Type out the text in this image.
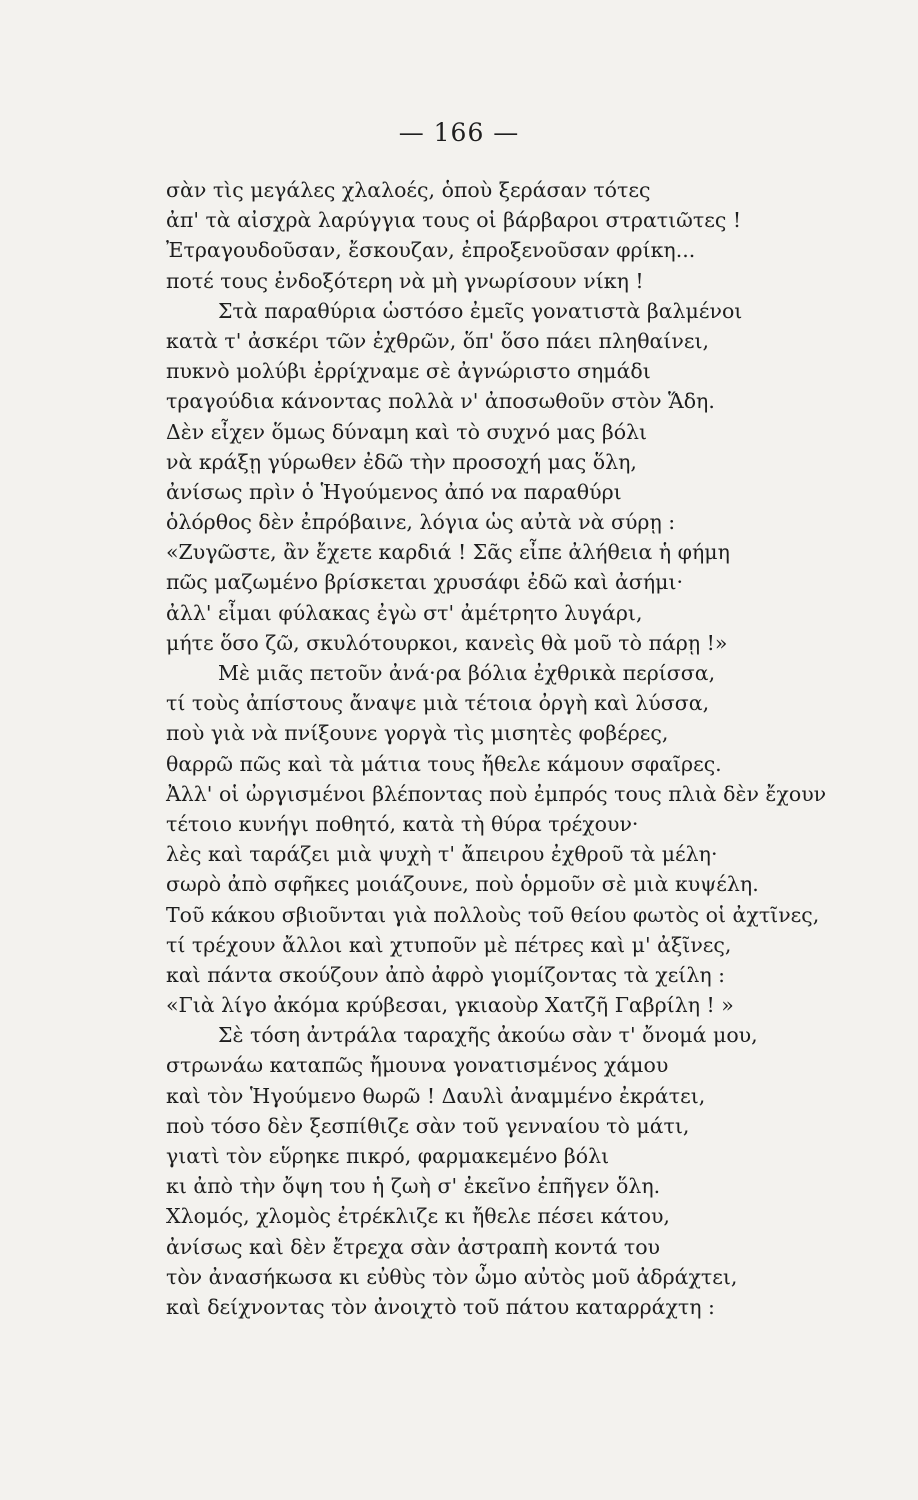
— 166 —
σὰν τὶς μεγάλες χλαλοές, ὁποὺ ξεράσαν τότες
ἀπ' τὰ αἰσχρὰ λαρύγγια τους οἱ βάρβαροι στρατιῶτες !
Ἐτραγουδοῦσαν, ἔσκουζαν, ἐπροξενοῦσαν φρίκη...
ποτέ τους ἐνδοξότερη νὰ μὴ γνωρίσουν νίκη !
Στὰ παραθύρια ὡστόσο ἐμεῖς γονατιστὰ βαλμένοι
κατὰ τ' ἀσκέρι τῶν ἐχθρῶν, ὅπ' ὅσο πάει πληθαίνει,
πυκνὸ μολύβι ἐρρίχναμε σὲ ἀγνώριστο σημάδι
τραγούδια κάνοντας πολλὰ ν' ἀποσωθοῦν στὸν Ἅδη.
Δὲν εἶχεν ὅμως δύναμη καὶ τὸ συχνό μας βόλι
νὰ κράξῃ γύρωθεν ἐδῶ τὴν προσοχή μας ὅλη,
ἀνίσως πρὶν ὁ Ἡγούμενος ἀπό να παραθύρι
ὁλόρθος δὲν ἐπρόβαινε, λόγια ὡς αὐτὰ νὰ σύρῃ :
«Ζυγῶστε, ἂν ἔχετε καρδιά ! Σᾶς εἶπε ἀλήθεια ἡ φήμη
πῶς μαζωμένο βρίσκεται χρυσάφι ἐδῶ καὶ ἀσήμι·
ἀλλ' εἶμαι φύλακας ἐγὼ στ' ἀμέτρητο λυγάρι,
μήτε ὅσο ζῶ, σκυλότουρκοι, κανεὶς θὰ μοῦ τὸ πάρῃ !»
Μὲ μιᾶς πετοῦν ἀνά·ρα βόλια ἐχθρικὰ περίσσα,
τί τοὺς ἀπίστους ἄναψε μιὰ τέτοια ὀργὴ καὶ λύσσα,
ποὺ γιὰ νὰ πνίξουνε γοργὰ τὶς μισητὲς φοβέρες,
θαρρῶ πῶς καὶ τὰ μάτια τους ἤθελε κάμουν σφαῖρες.
Ἀλλ' οἱ ὠργισμένοι βλέποντας ποὺ ἐμπρός τους πλιὰ δὲν ἔχουν
τέτοιο κυνήγι ποθητό, κατὰ τὴ θύρα τρέχουν·
λὲς καὶ ταράζει μιὰ ψυχὴ τ' ἄπειρου ἐχθροῦ τὰ μέλη·
σωρὸ ἀπὸ σφῆκες μοιάζουνε, ποὺ ὁρμοῦν σὲ μιὰ κυψέλη.
Τοῦ κάκου σβιοῦνται γιὰ πολλοὺς τοῦ θείου φωτὸς οἱ ἀχτῖνες,
τί τρέχουν ἄλλοι καὶ χτυποῦν μὲ πέτρες καὶ μ' ἀξῖνες,
καὶ πάντα σκούζουν ἀπὸ ἀφρὸ γιομίζοντας τὰ χείλη :
«Γιὰ λίγο ἀκόμα κρύβεσαι, γκιαοὺρ Χατζῆ Γαβρίλη ! »
Σὲ τόση ἀντράλα ταραχῆς ἀκούω σὰν τ' ὄνομά μου,
στρωνάω καταπῶς ἤμουνα γονατισμένος χάμου
καὶ τὸν Ἡγούμενο θωρῶ ! Δαυλὶ ἀναμμένο ἐκράτει,
ποὺ τόσο δὲν ξεσπίθιζε σὰν τοῦ γενναίου τὸ μάτι,
γιατὶ τὸν εὕρηκε πικρό, φαρμακεμένο βόλι
κι ἀπὸ τὴν ὄψη του ἡ ζωὴ σ' ἐκεῖνο ἐπῆγεν ὅλη.
Χλομός, χλομὸς ἐτρέκλιζε κι ἤθελε πέσει κάτου,
ἀνίσως καὶ δὲν ἔτρεχα σὰν ἀστραπὴ κοντά του
τὸν ἀνασήκωσα κι εὐθὺς τὸν ὦμο αὐτὸς μοῦ ἀδράχτει,
καὶ δείχνοντας τὸν ἀνοιχτὸ τοῦ πάτου καταρράχτη :
